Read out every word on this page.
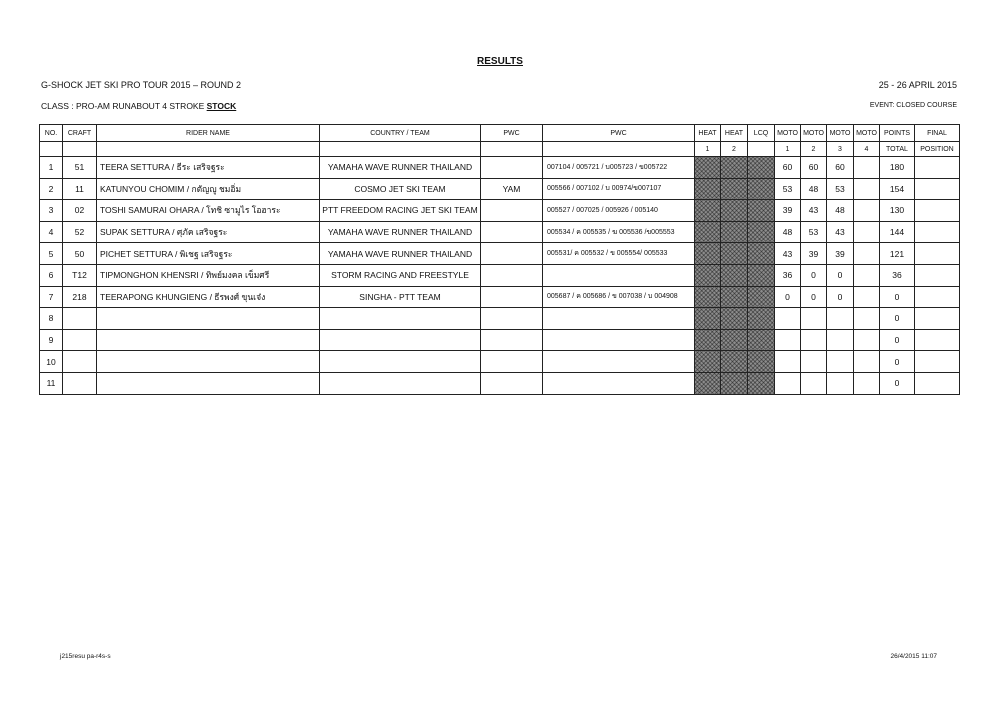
RESULTS
G-SHOCK JET SKI PRO TOUR 2015 – ROUND 2	25 - 26 APRIL 2015
CLASS : PRO-AM RUNABOUT 4 STROKE STOCK	EVENT: CLOSED COURSE
NO.	CRAFT	RIDER NAME	COUNTRY / TEAM	PWC	PWC	HEAT	HEAT	LCQ	MOTO	MOTO	MOTO	MOTO	POINTS	FINAL
						1	2		1	2	3	4	TOTAL	POSITION
1	51	TEERA SETTURA / ธีระ เสริจฐระ	YAMAHA WAVE RUNNER THAILAND		007104 / 005721 / บ005723 / ข005722				60	60	60		180	
2	11	KATUNYOU CHOMIM / กตัญญู ชมอิ่ม	COSMO JET SKI TEAM	YAM	005566 / 007102 / บ 00974/ข007107				53	48	53		154	
3	02	TOSHI SAMURAI OHARA / โทชิ ซามูไร โอฮาระ	PTT FREEDOM RACING JET SKI TEAM		005527 / 007025 / 005926 / 005140				39	43	48		130	
4	52	SUPAK SETTURA / ศุภัค เสริจฐระ	YAMAHA WAVE RUNNER THAILAND		005534 / ค 005535 / ฆ 005536 /ข005553				48	53	43		144	
5	50	PICHET SETTURA / พิเชฐ เสริจฐระ	YAMAHA WAVE RUNNER THAILAND		005531/ ค 005532 / ข 005554/ 005533				43	39	39		121	
6	T12	TIPMONGHON KHENSRI / ทิพย์มงคล เข็มศรี	STORM RACING AND FREESTYLE						36	0	0		36	
7	218	TEERAPONG KHUNGIENG / ธีรพงศ์ ขุนเจ๋ง	SINGHA - PTT TEAM		005687 / ค 005686 / ข 007038 / บ 004908				0	0	0		0	
8													0	
9													0	
10													0	
11													0	
j215resu pa-r4s-s	26/4/2015 11:07
